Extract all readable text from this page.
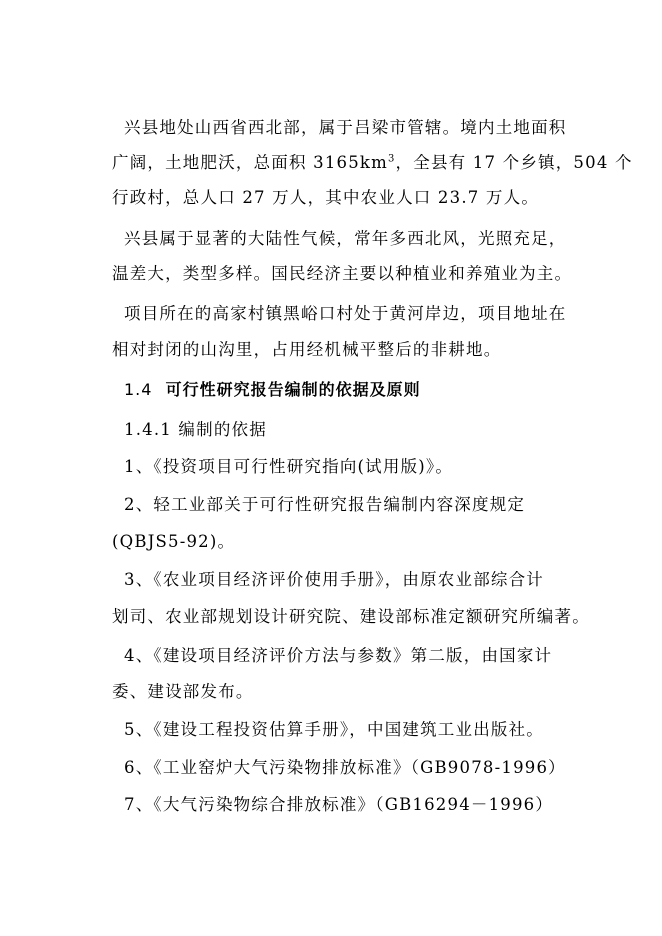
兴县地处山西省西北部，属于吕梁市管辖。境内土地面积
广阔，土地肥沃，总面积 $3165km^3$，全县有 17 个乡镇，504 个
行政村，总人口 27 万人，其中农业人口 23.7 万人。
兴县属于显著的大陆性气候，常年多西北风，光照充足，
温差大，类型多样。国民经济主要以种植业和养殖业为主。
项目所在的高家村镇黑峪口村处于黄河岸边，项目地址在
相对封闭的山沟里，占用经机械平整后的非耕地。
1.4 可行性研究报告编制的依据及原则
1.4.1 编制的依据
1、《投资项目可行性研究指向(试用版)》。
2、轻工业部关于可行性研究报告编制内容深度规定
(QBJS5-92)。
3、《农业项目经济评价使用手册》，由原农业部综合计
划司、农业部规划设计研究院、建设部标准定额研究所编著。
4、《建设项目经济评价方法与参数》第二版，由国家计
委、建设部发布。
5、《建设工程投资估算手册》，中国建筑工业出版社。
6、《工业窑炉大气污染物排放标准》（GB9078-1996）
7、《大气污染物综合排放标准》（GB16294－1996）
